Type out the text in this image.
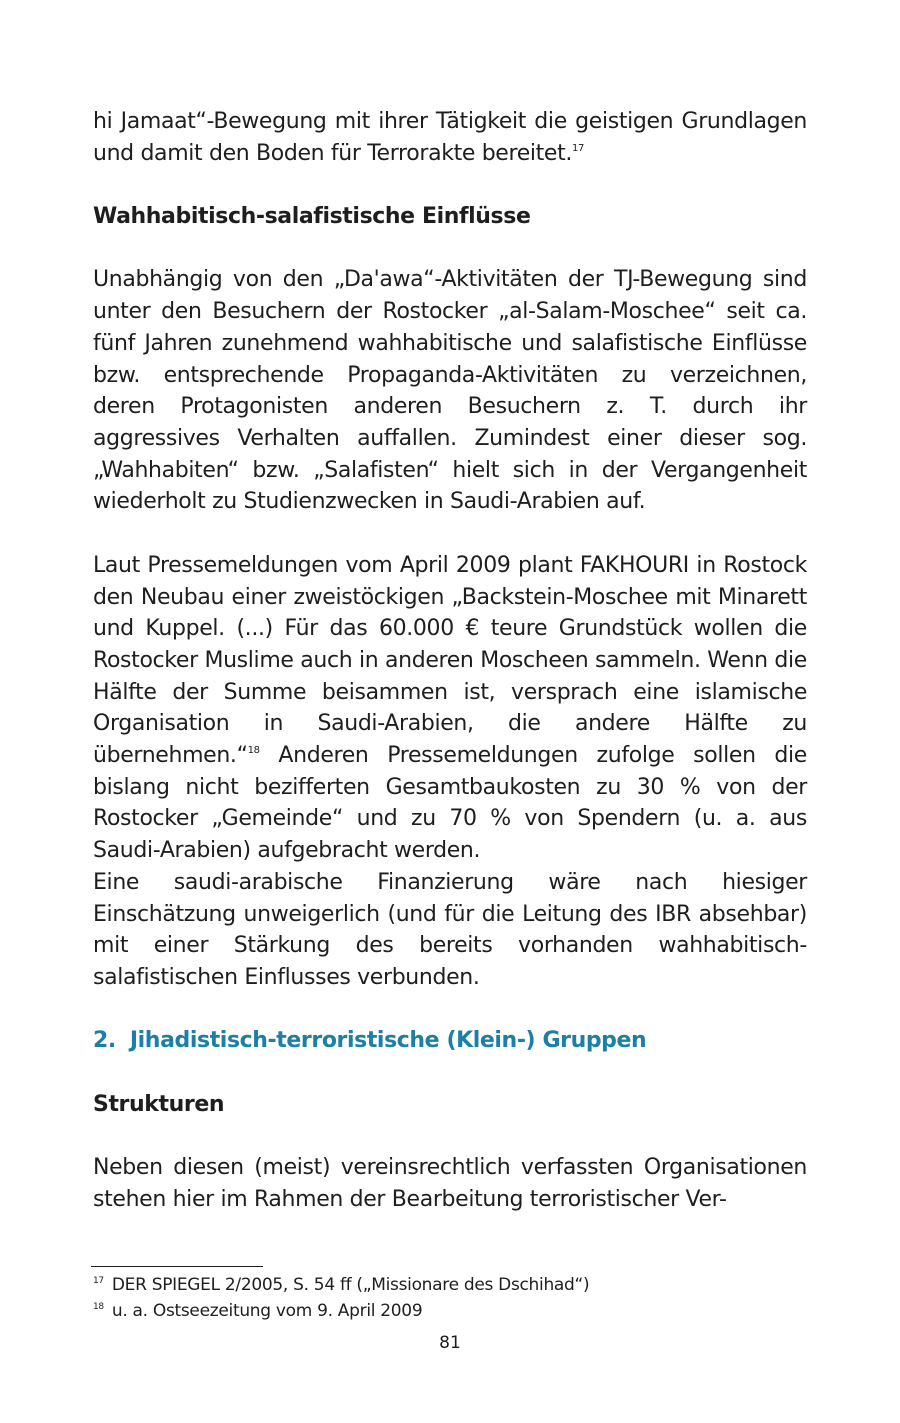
hi Jamaat“-Bewegung mit ihrer Tätigkeit die geistigen Grundlagen und damit den Boden für Terrorakte bereitet.$^{17}$

Wahhabitisch-salafistische Einflüsse

Unabhängig von den „Da'awa“-Aktivitäten der TJ-Bewegung sind unter den Besuchern der Rostocker „al-Salam-Moschee“ seit ca. fünf Jahren zunehmend wahhabitische und salafistische Einflüsse bzw. entsprechende Propaganda-Aktivitäten zu verzeichnen, deren Protagonisten anderen Besuchern z. T. durch ihr aggressives Verhalten auffallen. Zumindest einer dieser sog. „Wahhabiten“ bzw. „Salafisten“ hielt sich in der Vergangenheit wiederholt zu Studienzwecken in Saudi-Arabien auf.

Laut Pressemeldungen vom April 2009 plant FAKHOURI in Rostock den Neubau einer zweistöckigen „Backstein-Moschee mit Minarett und Kuppel. (...) Für das 60.000 € teure Grundstück wollen die Rostocker Muslime auch in anderen Moscheen sammeln. Wenn die Hälfte der Summe beisammen ist, versprach eine islamische Organisation in Saudi-Arabien, die andere Hälfte zu übernehmen.“$^{18}$ Anderen Pressemeldungen zufolge sollen die bislang nicht bezifferten Gesamtbaukosten zu 30 % von der Rostocker „Gemeinde“ und zu 70 % von Spendern (u. a. aus Saudi-Arabien) aufgebracht werden.

Eine saudi-arabische Finanzierung wäre nach hiesiger Einschätzung unweigerlich (und für die Leitung des IBR absehbar) mit einer Stärkung des bereits vorhanden wahhabitisch-salafistischen Einflusses verbunden.

2. Jihadistisch-terroristische (Klein-) Gruppen
Strukturen

Neben diesen (meist) vereinsrechtlich verfassten Organisationen stehen hier im Rahmen der Bearbeitung terroristischer Ver-

$^{17}$ DER SPIEGEL 2/2005, S. 54 ff („Missionare des Dschihad“)
$^{18}$ u. a. Ostseezeitung vom 9. April 2009
81
